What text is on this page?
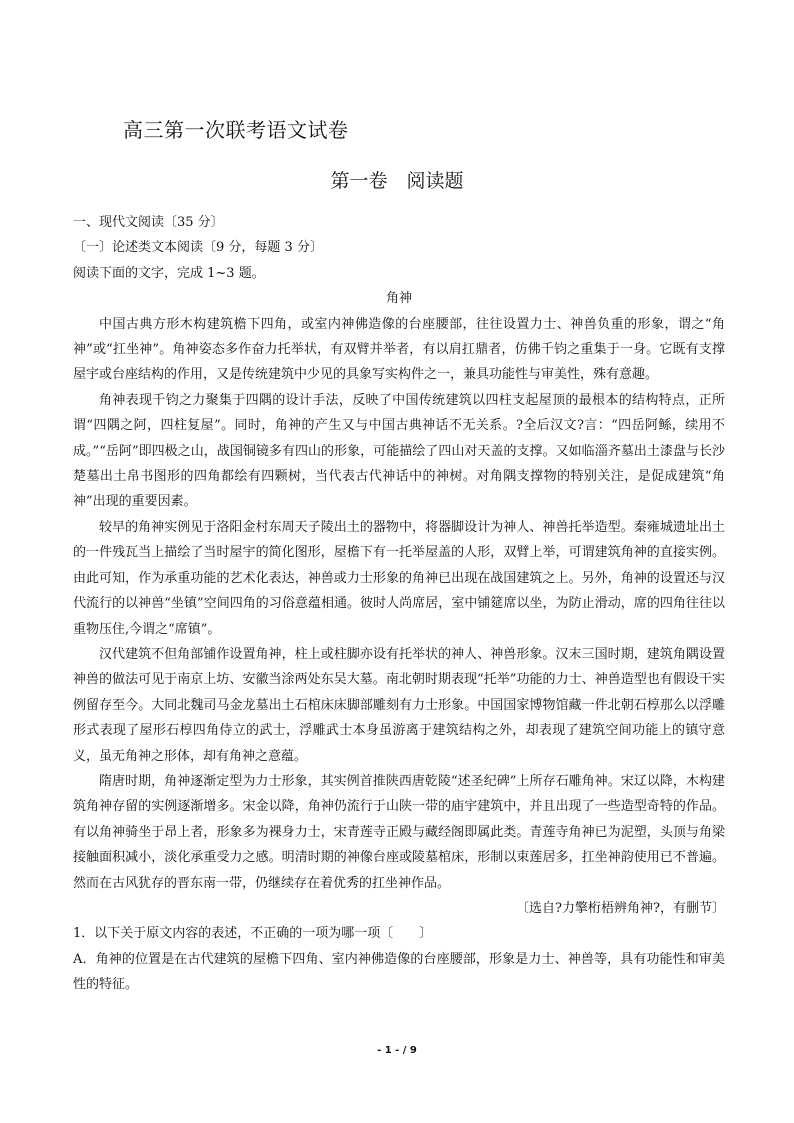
高三第一次联考语文试卷
第一卷　阅读题

一、现代文阅读〔35 分〕

〔一〕论述类文本阅读〔9 分，每题 3 分〕

阅读下面的文字，完成 1~3 题。

角神

中国古典方形木构建筑檐下四角，或室内神佛造像的台座腰部，往往设置力士、神兽负重的形象，谓之“角神”或“扛坐神”。角神姿态多作奋力托举状，有双臂并举者，有以肩扛鼎者，仿佛千钧之重集于一身。它既有支撑屋宇或台座结构的作用，又是传统建筑中少见的具象写实构件之一，兼具功能性与审美性，殊有意趣。

角神表现千钧之力聚集于四隅的设计手法，反映了中国传统建筑以四柱支起屋顶的最根本的结构特点，正所谓“四隅之阿，四柱复屋”。同时，角神的产生又与中国古典神话不无关系。?全后汉文?言：“四岳阿鲧，续用不成。”“岳阿”即四极之山，战国铜镜多有四山的形象，可能描绘了四山对天盖的支撑。又如临淄齐墓出土漆盘与长沙楚墓出土帛书图形的四角都绘有四颗树，当代表古代神话中的神树。对角隅支撑物的特别关注，是促成建筑“角神”出现的重要因素。

较早的角神实例见于洛阳金村东周天子陵出土的器物中，将器脚设计为神人、神兽托举造型。秦雍城遗址出土的一件残瓦当上描绘了当时屋宇的简化图形，屋檐下有一托举屋盖的人形，双臂上举，可谓建筑角神的直接实例。由此可知，作为承重功能的艺术化表达，神兽或力士形象的角神已出现在战国建筑之上。另外，角神的设置还与汉代流行的以神兽“坐镇”空间四角的习俗意蕴相通。彼时人尚席居，室中铺筵席以坐，为防止滑动，席的四角往往以重物压住,今谓之“席镇”。

汉代建筑不但角部铺作设置角神，柱上或柱脚亦设有托举状的神人、神兽形象。汉末三国时期，建筑角隅设置神兽的做法可见于南京上坊、安徽当涂两处东吴大墓。南北朝时期表现“托举”功能的力士、神兽造型也有假设干实例留存至今。大同北魏司马金龙墓出土石棺床床脚部雕刻有力士形象。中国国家博物馆藏一件北朝石椁那么以浮雕形式表现了屋形石椁四角侍立的武士，浮雕武士本身虽游离于建筑结构之外，却表现了建筑空间功能上的镇守意义，虽无角神之形体，却有角神之意蕴。

隋唐时期，角神逐渐定型为力士形象，其实例首推陕西唐乾陵“述圣纪碑”上所存石雕角神。宋辽以降，木构建筑角神存留的实例逐渐增多。宋金以降，角神仍流行于山陕一带的庙宇建筑中，并且出现了一些造型奇特的作品。有以角神骑坐于昂上者，形象多为裸身力士，宋青莲寺正殿与藏经阁即属此类。青莲寺角神已为泥塑，头顶与角梁接触面积减小，淡化承重受力之感。明清时期的神像台座或陵墓棺床，形制以束莲居多，扛坐神韵使用已不普遍。然而在古风犹存的晋东南一带，仍继续存在着优秀的扛坐神作品。

〔选自?力擎桁梧辨角神?，有删节〕

1．以下关于原文内容的表述，不正确的一项为哪一项〔　　〕

A．角神的位置是在古代建筑的屋檐下四角、室内神佛造像的台座腰部，形象是力士、神兽等，具有功能性和审美性的特征。

- 1 - / 9
